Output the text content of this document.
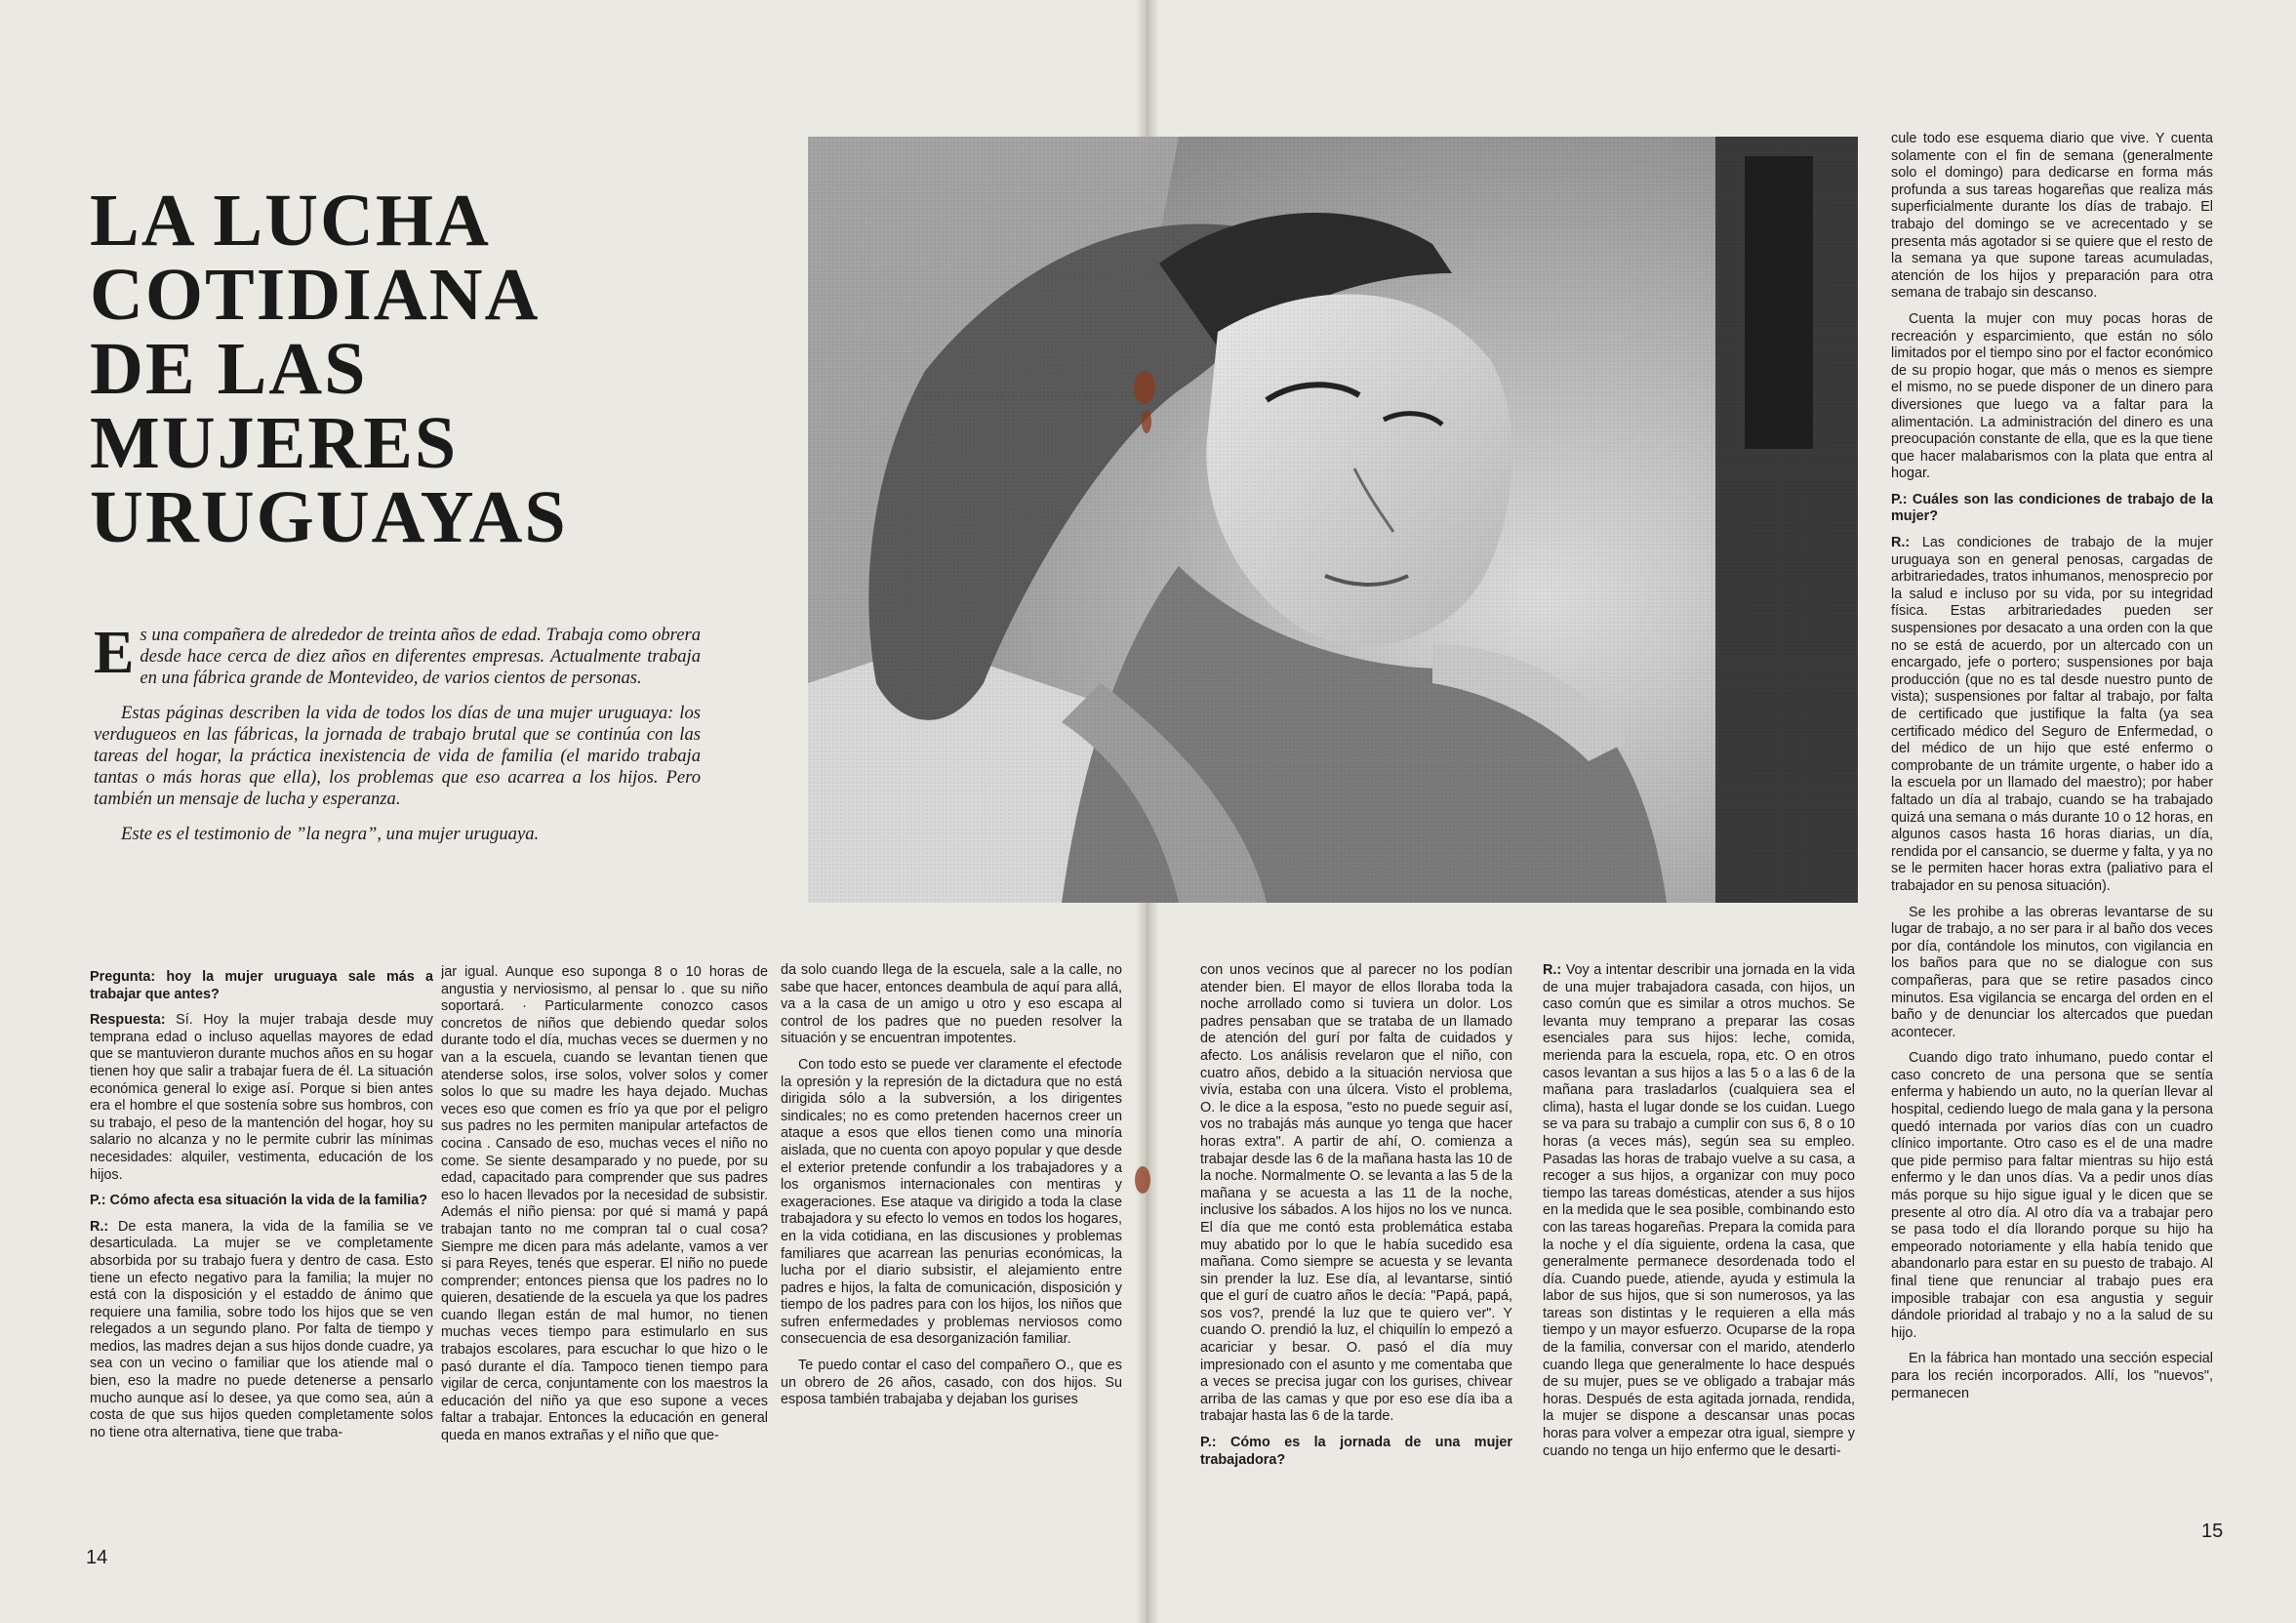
LA LUCHA
COTIDIANA
DE LAS
MUJERES
URUGUAYAS

Es una compañera de alrededor de treinta años de edad. Trabaja como obrera desde hace cerca de diez años en diferentes empresas. Actualmente trabaja en una fábrica grande de Montevideo, de varios cientos de personas.

Estas páginas describen la vida de todos los días de una mujer uruguaya: los verdugueos en las fábricas, la jornada de trabajo brutal que se continúa con las tareas del hogar, la práctica inexistencia de vida de familia (el marido trabaja tantas o más horas que ella), los problemas que eso acarrea a los hijos. Pero también un mensaje de lucha y esperanza.

Este es el testimonio de ”la negra”, una mujer uruguaya.

Pregunta: hoy la mujer uruguaya sale más a trabajar que antes?

Respuesta: Sí. Hoy la mujer trabaja desde muy temprana edad o incluso aquellas mayores de edad que se mantuvieron durante muchos años en su hogar tienen hoy que salir a trabajar fuera de él. La situación económica general lo exige así. Porque si bien antes era el hombre el que sostenía sobre sus hombros, con su trabajo, el peso de la mantención del hogar, hoy su salario no alcanza y no le permite cubrir las mínimas necesidades: alquiler, vestimenta, educación de los hijos.

P.: Cómo afecta esa situación la vida de la familia?

R.: De esta manera, la vida de la familia se ve desarticulada. La mujer se ve completamente absorbida por su trabajo fuera y dentro de casa. Esto tiene un efecto negativo para la familia; la mujer no está con la disposición y el estaddo de ánimo que requiere una familia, sobre todo los hijos que se ven relegados a un segundo plano. Por falta de tiempo y medios, las madres dejan a sus hijos donde cuadre, ya sea con un vecino o familiar que los atiende mal o bien, eso la madre no puede detenerse a pensarlo mucho aunque así lo desee, ya que como sea, aún a costa de que sus hijos queden completamente solos no tiene otra alternativa, tiene que traba-

jar igual. Aunque eso suponga 8 o 10 horas de angustia y nerviosismo, al pensar lo . que su niño soportará. · Particularmente conozco casos concretos de niños que debiendo quedar solos durante todo el día, muchas veces se duermen y no van a la escuela, cuando se levantan tienen que atenderse solos, irse solos, volver solos y comer solos lo que su madre les haya dejado. Muchas veces eso que comen es frío ya que por el peligro sus padres no les permiten manipular artefactos de cocina . Cansado de eso, muchas veces el niño no come. Se siente desamparado y no puede, por su edad, capacitado para comprender que sus padres eso lo hacen llevados por la necesidad de subsistir. Además el niño piensa: por qué si mamá y papá trabajan tanto no me compran tal o cual cosa? Siempre me dicen para más adelante, vamos a ver si para Reyes, tenés que esperar. El niño no puede comprender; entonces piensa que los padres no lo quieren, desatiende de la escuela ya que los padres cuando llegan están de mal humor, no tienen muchas veces tiempo para estimularlo en sus trabajos escolares, para escuchar lo que hizo o le pasó durante el día. Tampoco tienen tiempo para vigilar de cerca, conjuntamente con los maestros la educación del niño ya que eso supone a veces faltar a trabajar. Entonces la educación en general queda en manos extrañas y el niño que que-

da solo cuando llega de la escuela, sale a la calle, no sabe que hacer, entonces deambula de aquí para allá, va a la casa de un amigo u otro y eso escapa al control de los padres que no pueden resolver la situación y se encuentran impotentes.

Con todo esto se puede ver claramente el efectode la opresión y la represión de la dictadura que no está dirigida sólo a la subversión, a los dirigentes sindicales; no es como pretenden hacernos creer un ataque a esos que ellos tienen como una minoría aislada, que no cuenta con apoyo popular y que desde el exterior pretende confundir a los trabajadores y a los organismos internacionales con mentiras y exageraciones. Ese ataque va dirigido a toda la clase trabajadora y su efecto lo vemos en todos los hogares, en la vida cotidiana, en las discusiones y problemas familiares que acarrean las penurias económicas, la lucha por el diario subsistir, el alejamiento entre padres e hijos, la falta de comunicación, disposición y tiempo de los padres para con los hijos, los niños que sufren enfermedades y problemas nerviosos como consecuencia de esa desorganización familiar.

Te puedo contar el caso del compañero O., que es un obrero de 26 años, casado, con dos hijos. Su esposa también trabajaba y dejaban los gurises

14

con unos vecinos que al parecer no los podían atender bien. El mayor de ellos lloraba toda la noche arrollado como si tuviera un dolor. Los padres pensaban que se trataba de un llamado de atención del gurí por falta de cuidados y afecto. Los análisis revelaron que el niño, con cuatro años, debido a la situación nerviosa que vivía, estaba con una úlcera. Visto el problema, O. le dice a la esposa, "esto no puede seguir así, vos no trabajás más aunque yo tenga que hacer horas extra". A partir de ahí, O. comienza a trabajar desde las 6 de la mañana hasta las 10 de la noche. Normalmente O. se levanta a las 5 de la mañana y se acuesta a las 11 de la noche, inclusive los sábados. A los hijos no los ve nunca. El día que me contó esta problemática estaba muy abatido por lo que le había sucedido esa mañana. Como siempre se acuesta y se levanta sin prender la luz. Ese día, al levantarse, sintió que el gurí de cuatro años le decía: "Papá, papá, sos vos?, prendé la luz que te quiero ver". Y cuando O. prendió la luz, el chiquilín lo empezó a acariciar y besar. O. pasó el día muy impresionado con el asunto y me comentaba que a veces se precisa jugar con los gurises, chivear arriba de las camas y que por eso ese día iba a trabajar hasta las 6 de la tarde.

P.: Cómo es la jornada de una mujer trabajadora?

R.: Voy a intentar describir una jornada en la vida de una mujer trabajadora casada, con hijos, un caso común que es similar a otros muchos. Se levanta muy temprano a preparar las cosas esenciales para sus hijos: leche, comida, merienda para la escuela, ropa, etc. O en otros casos levantan a sus hijos a las 5 o a las 6 de la mañana para trasladarlos (cualquiera sea el clima), hasta el lugar donde se los cuidan. Luego se va para su trabajo a cumplir con sus 6, 8 o 10 horas (a veces más), según sea su empleo. Pasadas las horas de trabajo vuelve a su casa, a recoger a sus hijos, a organizar con muy poco tiempo las tareas domésticas, atender a sus hijos en la medida que le sea posible, combinando esto con las tareas hogareñas. Prepara la comida para la noche y el día siguiente, ordena la casa, que generalmente permanece desordenada todo el día. Cuando puede, atiende, ayuda y estimula la labor de sus hijos, que si son numerosos, ya las tareas son distintas y le requieren a ella más tiempo y un mayor esfuerzo. Ocuparse de la ropa de la familia, conversar con el marido, atenderlo cuando llega que generalmente lo hace después de su mujer, pues se ve obligado a trabajar más horas. Después de esta agitada jornada, rendida, la mujer se dispone a descansar unas pocas horas para volver a empezar otra igual, siempre y cuando no tenga un hijo enfermo que le desarti-

cule todo ese esquema diario que vive. Y cuenta solamente con el fin de semana (generalmente solo el domingo) para dedicarse en forma más profunda a sus tareas hogareñas que realiza más superficialmente durante los días de trabajo. El trabajo del domingo se ve acrecentado y se presenta más agotador si se quiere que el resto de la semana ya que supone tareas acumuladas, atención de los hijos y preparación para otra semana de trabajo sin descanso.

Cuenta la mujer con muy pocas horas de recreación y esparcimiento, que están no sólo limitados por el tiempo sino por el factor económico de su propio hogar, que más o menos es siempre el mismo, no se puede disponer de un dinero para diversiones que luego va a faltar para la alimentación. La administración del dinero es una preocupación constante de ella, que es la que tiene que hacer malabarismos con la plata que entra al hogar.

P.: Cuáles son las condiciones de trabajo de la mujer?

R.: Las condiciones de trabajo de la mujer uruguaya son en general penosas, cargadas de arbitrariedades, tratos inhumanos, menosprecio por la salud e incluso por su vida, por su integridad física. Estas arbitrariedades pueden ser suspensiones por desacato a una orden con la que no se está de acuerdo, por un altercado con un encargado, jefe o portero; suspensiones por baja producción (que no es tal desde nuestro punto de vista); suspensiones por faltar al trabajo, por falta de certificado que justifique la falta (ya sea certificado médico del Seguro de Enfermedad, o del médico de un hijo que esté enfermo o comprobante de un trámite urgente, o haber ido a la escuela por un llamado del maestro); por haber faltado un día al trabajo, cuando se ha trabajado quizá una semana o más durante 10 o 12 horas, en algunos casos hasta 16 horas diarias, un día, rendida por el cansancio, se duerme y falta, y ya no se le permiten hacer horas extra (paliativo para el trabajador en su penosa situación).

Se les prohibe a las obreras levantarse de su lugar de trabajo, a no ser para ir al baño dos veces por día, contándole los minutos, con vigilancia en los baños para que no se dialogue con sus compañeras, para que se retire pasados cinco minutos. Esa vigilancia se encarga del orden en el baño y de denunciar los altercados que puedan acontecer.

Cuando digo trato inhumano, puedo contar el caso concreto de una persona que se sentía enferma y habiendo un auto, no la querían llevar al hospital, cediendo luego de mala gana y la persona quedó internada por varios días con un cuadro clínico importante. Otro caso es el de una madre que pide permiso para faltar mientras su hijo está enfermo y le dan unos días. Va a pedir unos días más porque su hijo sigue igual y le dicen que se presente al otro día. Al otro día va a trabajar pero se pasa todo el día llorando porque su hijo ha empeorado notoriamente y ella había tenido que abandonarlo para estar en su puesto de trabajo. Al final tiene que renunciar al trabajo pues era imposible trabajar con esa angustia y seguir dándole prioridad al trabajo y no a la salud de su hijo.

En la fábrica han montado una sección especial para los recién incorporados. Allí, los "nuevos", permanecen

15
